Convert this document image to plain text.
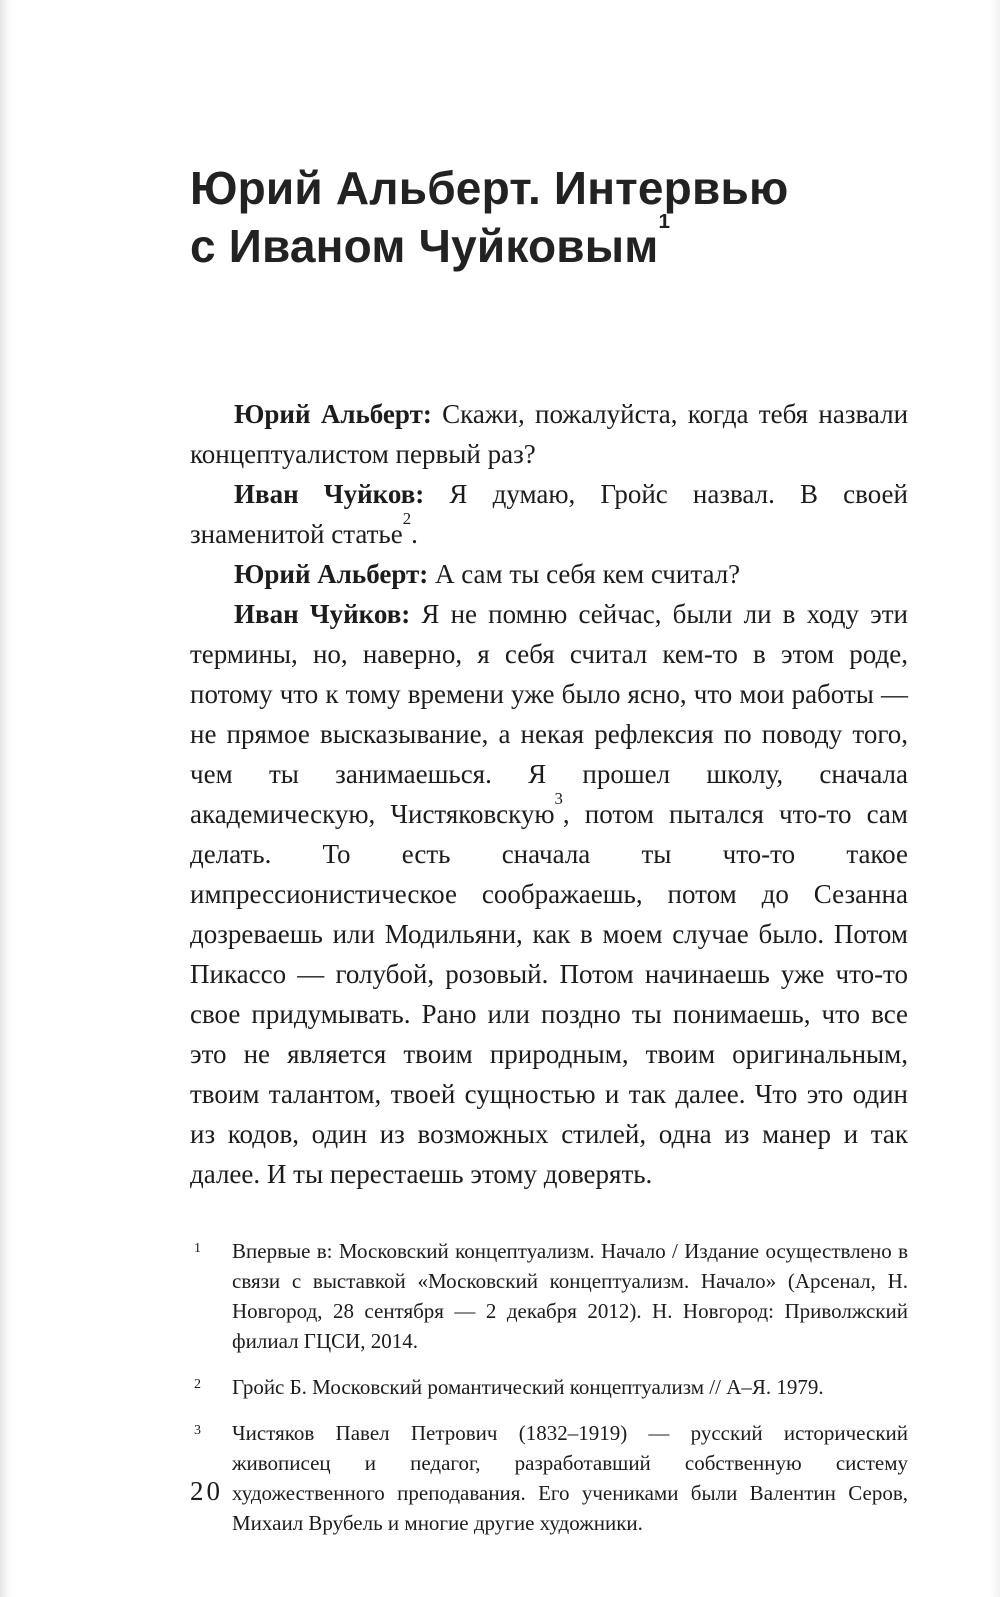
Юрий Альберт. Интервью
с Иваном Чуйковым$^1$

Юрий Альберт: Скажи, пожалуйста, когда тебя назвали концептуалистом первый раз?

Иван Чуйков: Я думаю, Гройс назвал. В своей знаменитой статье$^2$.

Юрий Альберт: А сам ты себя кем считал?

Иван Чуйков: Я не помню сейчас, были ли в ходу эти термины, но, наверно, я себя считал кем-то в этом роде, потому что к тому времени уже было ясно, что мои работы — не прямое высказывание, а некая рефлексия по поводу того, чем ты занимаешься. Я прошел школу, сначала академическую, Чистяковскую$^3$, потом пытался что-то сам делать. То есть сначала ты что-то такое импрессионистическое соображаешь, потом до Сезанна дозреваешь или Модильяни, как в моем случае было. Потом Пикассо — голубой, розовый. Потом начинаешь уже что-то свое придумывать. Рано или поздно ты понимаешь, что все это не является твоим природным, твоим оригинальным, твоим талантом, твоей сущностью и так далее. Что это один из кодов, один из возможных стилей, одна из манер и так далее. И ты перестаешь этому доверять.

1 Впервые в: Московский концептуализм. Начало / Издание осуществлено в связи с выставкой «Московский концептуализм. Начало» (Арсенал, Н. Новгород, 28 сентября — 2 декабря 2012). Н. Новгород: Приволжский филиал ГЦСИ, 2014.
2 Гройс Б. Московский романтический концептуализм // А–Я. 1979.
3 Чистяков Павел Петрович (1832–1919) — русский исторический живописец и педагог, разработавший собственную систему художественного преподавания. Его учениками были Валентин Серов, Михаил Врубель и многие другие художники.
20
